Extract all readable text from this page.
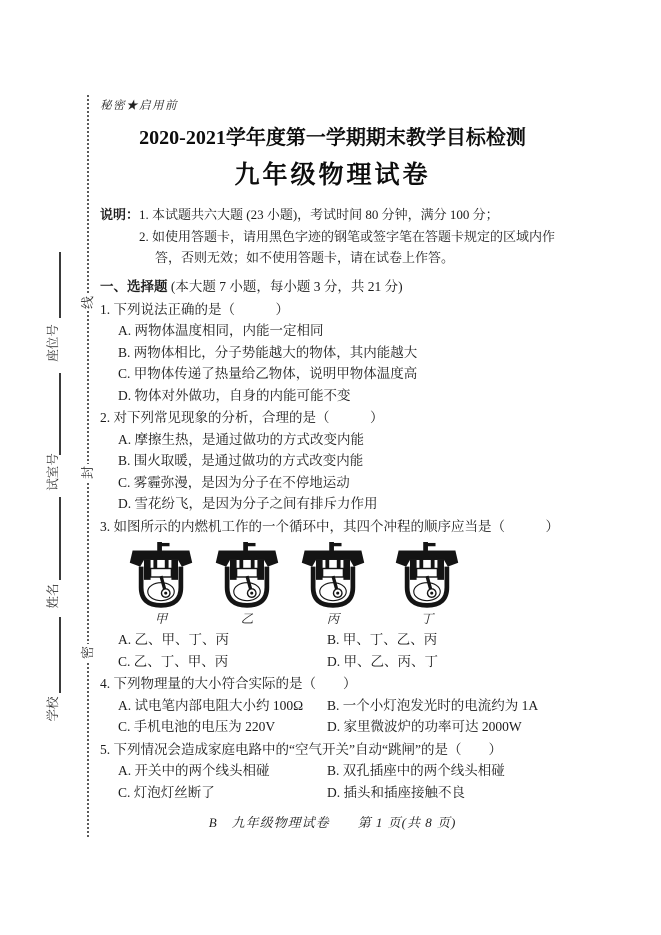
线
封
密
座位号
试室号
姓名
学校
秘密★启用前
2020-2021学年度第一学期期末教学目标检测
九年级物理试卷
说明： 1. 本试题共六大题 (23 小题)，考试时间 80 分钟，满分 100 分；
2. 如使用答题卡，请用黑色字迹的钢笔或签字笔在答题卡规定的区域内作答，否则无效；如不使用答题卡，请在试卷上作答。
一、选择题 (本大题 7 小题，每小题 3 分，共 21 分)
1. 下列说法正确的是（　　　）
A. 两物体温度相同，内能一定相同
B. 两物体相比，分子势能越大的物体，其内能越大
C. 甲物体传递了热量给乙物体，说明甲物体温度高
D. 物体对外做功，自身的内能可能不变
2. 对下列常见现象的分析，合理的是（　　　）
A. 摩擦生热，是通过做功的方式改变内能
B. 围火取暖，是通过做功的方式改变内能
C. 雾霾弥漫，是因为分子在不停地运动
D. 雪花纷飞，是因为分子之间有排斥力作用
3. 如图所示的内燃机工作的一个循环中，其四个冲程的顺序应当是（　　　）
甲	乙	丙	丁
A. 乙、甲、丁、丙	B. 甲、丁、乙、丙
C. 乙、丁、甲、丙	D. 甲、乙、丙、丁
4. 下列物理量的大小符合实际的是（　　）
A. 试电笔内部电阻大小约 100Ω	B. 一个小灯泡发光时的电流约为 1A
C. 手机电池的电压为 220V	D. 家里微波炉的功率可达 2000W
5. 下列情况会造成家庭电路中的“空气开关”自动“跳闸”的是（　　）
A. 开关中的两个线头相碰	B. 双孔插座中的两个线头相碰
C. 灯泡灯丝断了	D. 插头和插座接触不良
B　九年级物理试卷　　第 1 页(共 8 页)
